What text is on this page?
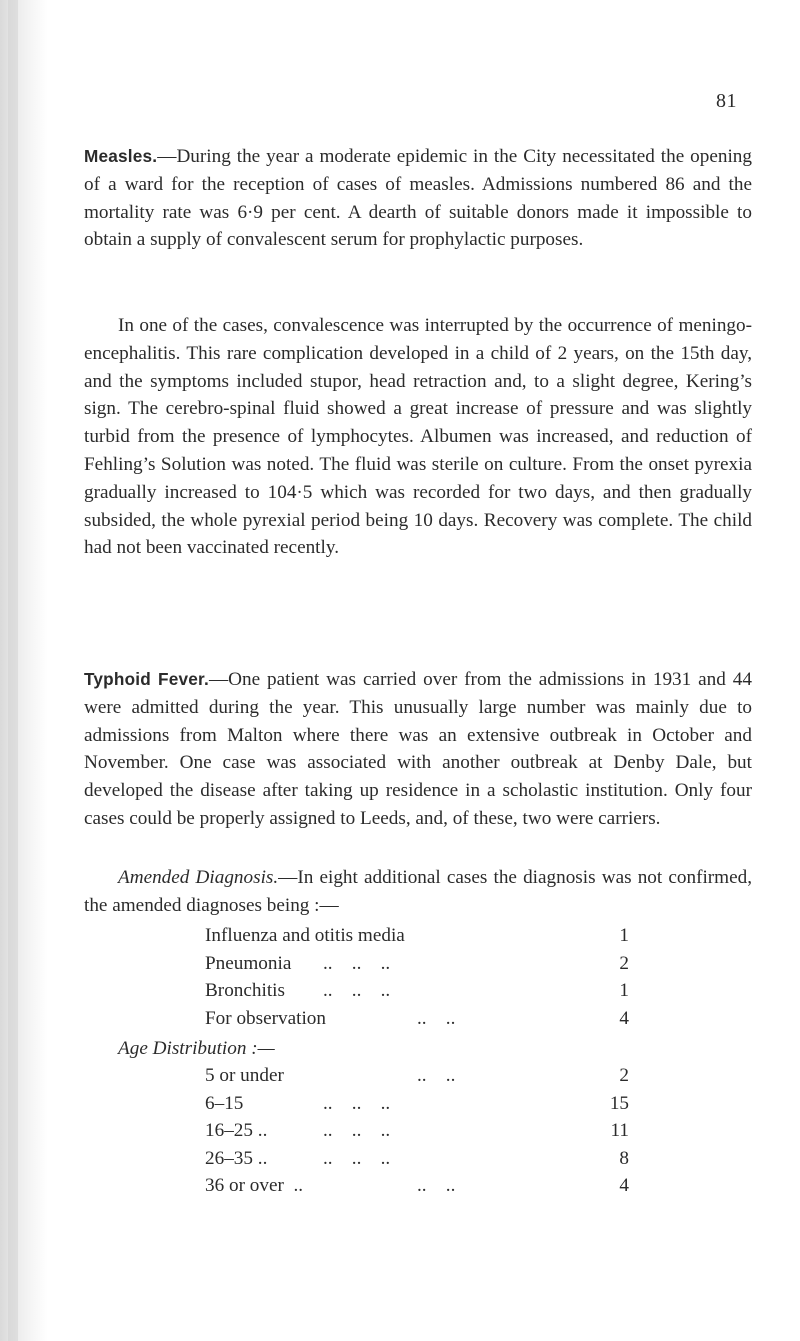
81
Measles.—During the year a moderate epidemic in the City necessitated the opening of a ward for the reception of cases of measles. Admissions numbered 86 and the mortality rate was 6·9 per cent. A dearth of suitable donors made it impossible to obtain a supply of convalescent serum for prophylactic purposes.
In one of the cases, convalescence was interrupted by the occurrence of meningo-encephalitis. This rare complication developed in a child of 2 years, on the 15th day, and the symptoms included stupor, head retraction and, to a slight degree, Kering’s sign. The cerebro-spinal fluid showed a great increase of pressure and was slightly turbid from the presence of lymphocytes. Albumen was increased, and reduction of Fehling’s Solution was noted. The fluid was sterile on culture. From the onset pyrexia gradually increased to 104·5 which was recorded for two days, and then gradually subsided, the whole pyrexial period being 10 days. Recovery was complete. The child had not been vaccinated recently.
Typhoid Fever.—One patient was carried over from the admissions in 1931 and 44 were admitted during the year. This unusually large number was mainly due to admissions from Malton where there was an extensive outbreak in October and November. One case was associated with another outbreak at Denby Dale, but developed the disease after taking up residence in a scholastic institution. Only four cases could be properly assigned to Leeds, and, of these, two were carriers.
Amended Diagnosis.—In eight additional cases the diagnosis was not confirmed, the amended diagnoses being :—
Influenza and otitis media	1
Pneumonia ..    ..    ..	2
Bronchitis ..    ..    ..	1
For observation	..    ..	4
Age Distribution :—
5 or under	..    ..	2
6–15	..    ..    ..	15
16–25 ..	..    ..    ..	11
26–35 ..	..    ..    ..	8
36 or over  ..	..    ..	4
